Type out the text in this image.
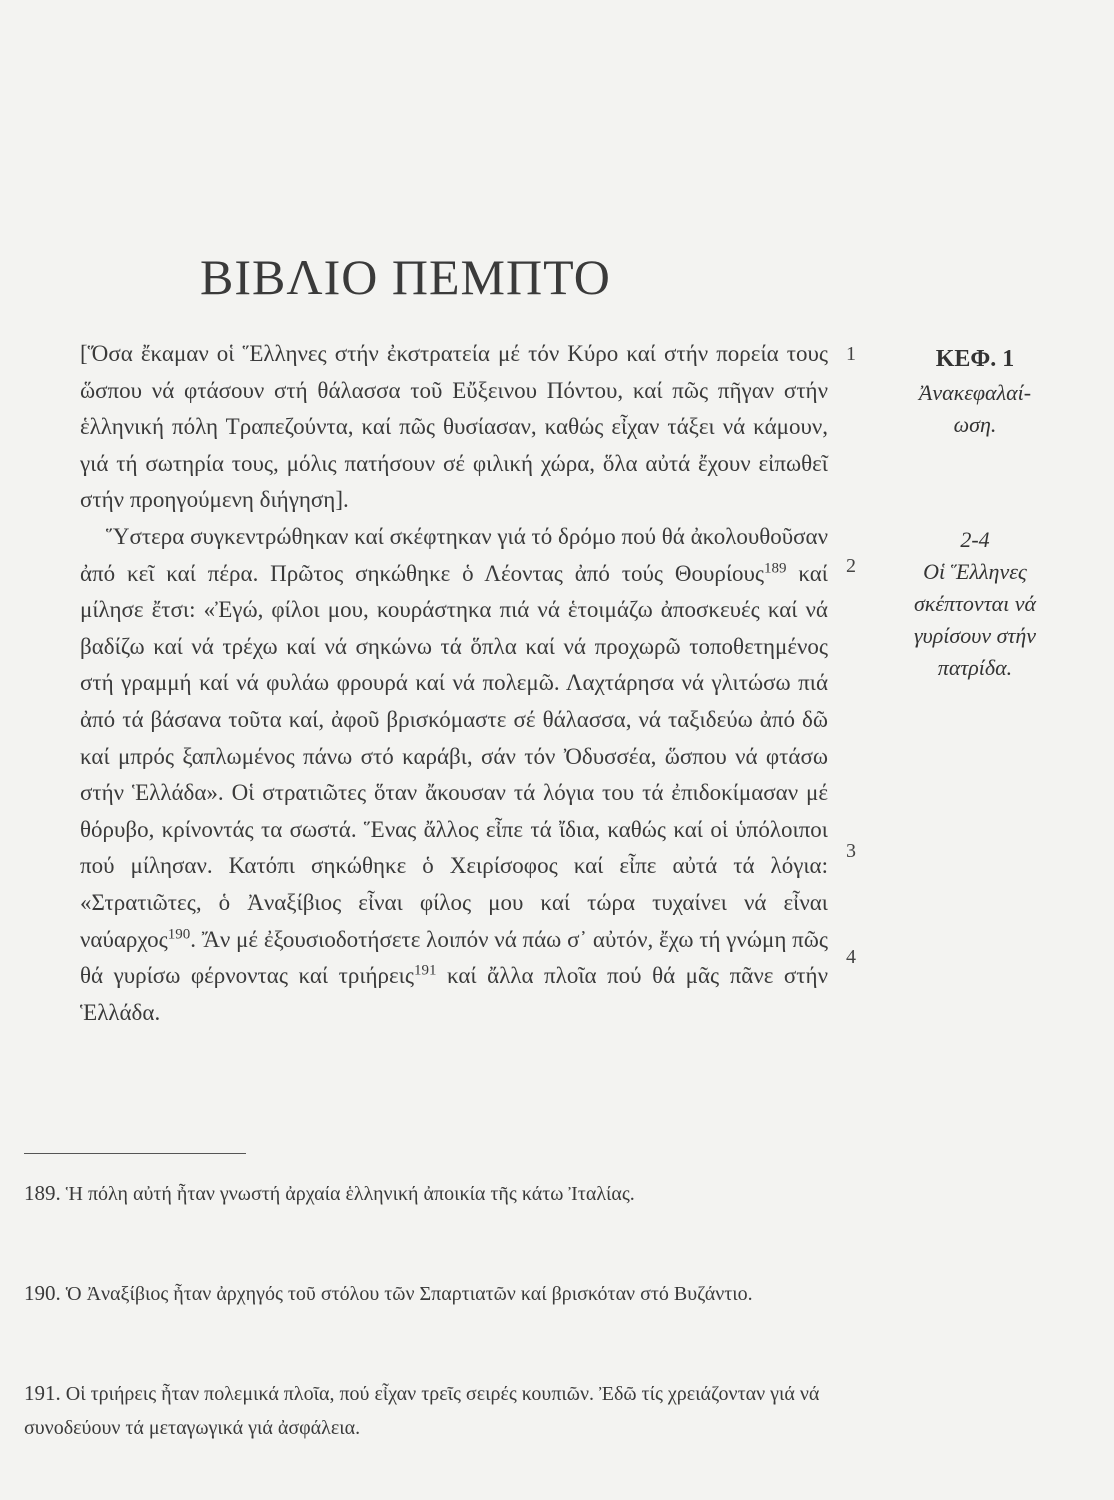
ΒΙΒΛΙΟ ΠΕΜΠΤΟ

[Ὅσα ἔκαμαν οἱ Ἕλληνες στήν ἐκστρατεία μέ τόν Κύρο καί στήν πορεία τους ὥσπου νά φτάσουν στή θάλασσα τοῦ Εὔξεινου Πόντου, καί πῶς πῆγαν στήν ἑλληνική πόλη Τραπεζούντα, καί πῶς θυσίασαν, καθώς εἶχαν τάξει νά κάμουν, γιά τή σωτηρία τους, μόλις πατήσουν σέ φιλική χώρα, ὅλα αὐτά ἔχουν εἰπωθεῖ στήν προηγούμενη διήγηση].

Ὕστερα συγκεντρώθηκαν καί σκέφτηκαν γιά τό δρόμο πού θά ἀκολουθοῦσαν ἀπό κεῖ καί πέρα. Πρῶτος σηκώθηκε ὁ Λέοντας ἀπό τούς Θουρίους$^{189}$ καί μίλησε ἔτσι: «Ἐγώ, φίλοι μου, κουράστηκα πιά νά ἑτοιμάζω ἀποσκευές καί νά βαδίζω καί νά τρέχω καί νά σηκώνω τά ὅπλα καί νά προχωρῶ τοποθετημένος στή γραμμή καί νά φυλάω φρουρά καί νά πολεμῶ. Λαχτάρησα νά γλιτώσω πιά ἀπό τά βάσανα τοῦτα καί, ἀφοῦ βρισκόμαστε σέ θάλασσα, νά ταξιδεύω ἀπό δῶ καί μπρός ξαπλωμένος πάνω στό καράβι, σάν τόν Ὀδυσσέα, ὥσπου νά φτάσω στήν Ἑλλάδα». Οἱ στρατιῶτες ὅταν ἄκουσαν τά λόγια του τά ἐπιδοκίμασαν μέ θόρυβο, κρίνοντάς τα σωστά. Ἕνας ἄλλος εἶπε τά ἴδια, καθώς καί οἱ ὑπόλοιποι πού μίλησαν. Κατόπι σηκώθηκε ὁ Χειρίσοφος καί εἶπε αὐτά τά λόγια: «Στρατιῶτες, ὁ Ἀναξίβιος εἶναι φίλος μου καί τώρα τυχαίνει νά εἶναι ναύαρχος$^{190}$. Ἄν μέ ἐξουσιοδοτήσετε λοιπόν νά πάω σ᾽ αὐτόν, ἔχω τή γνώμη πῶς θά γυρίσω φέρνοντας καί τριήρεις$^{191}$ καί ἄλλα πλοῖα πού θά μᾶς πᾶνε στήν Ἑλλάδα.

1
2
3
4
ΚΕΦ. 1
Ἀνακεφαλαί-
ωση.
2-4
Οἱ Ἕλληνες
σκέπτονται νά
γυρίσουν στήν
πατρίδα.
189. Ἡ πόλη αὐτή ἦταν γνωστή ἀρχαία ἑλληνική ἀποικία τῆς κάτω Ἰταλίας.
190. Ὁ Ἀναξίβιος ἦταν ἀρχηγός τοῦ στόλου τῶν Σπαρτιατῶν καί βρισκόταν στό Βυζάντιο.
191. Οἱ τριήρεις ἦταν πολεμικά πλοῖα, πού εἶχαν τρεῖς σειρές κουπιῶν. Ἐδῶ τίς χρειάζονταν γιά νά συνοδεύουν τά μεταγωγικά γιά ἀσφάλεια.
